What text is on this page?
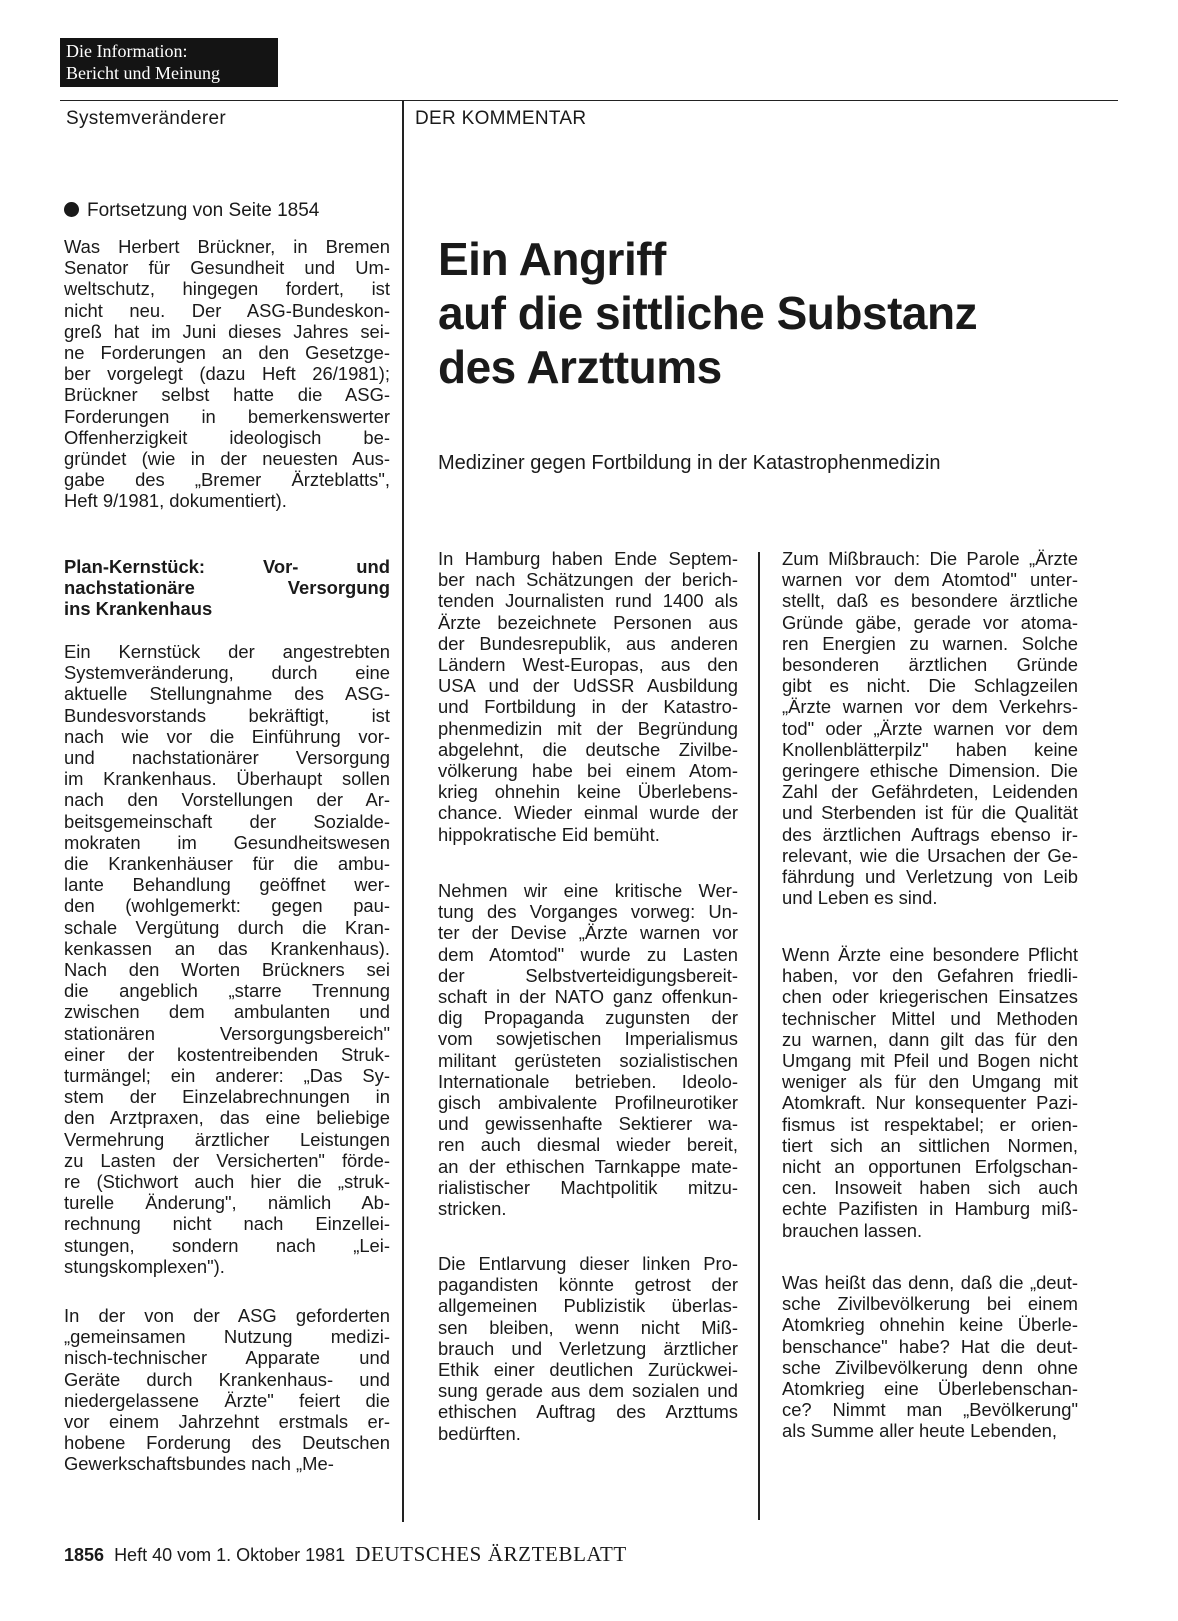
Die Information:
Bericht und Meinung
Systemveränderer	DER KOMMENTAR
Fortsetzung von Seite 1854
Ein Angriff
auf die sittliche Substanz
des Arzttums
Mediziner gegen Fortbildung in der Katastrophenmedizin
Was Herbert Brückner, in Bremen
Senator für Gesundheit und Um-
weltschutz, hingegen fordert, ist
nicht neu. Der ASG-Bundeskon-
greß hat im Juni dieses Jahres sei-
ne Forderungen an den Gesetzge-
ber vorgelegt (dazu Heft 26/1981);
Brückner selbst hatte die ASG-
Forderungen in bemerkenswerter
Offenherzigkeit ideologisch be-
gründet (wie in der neuesten Aus-
gabe des „Bremer Ärzteblatts",
Heft 9/1981, dokumentiert).
Plan-Kernstück: Vor- und
nachstationäre Versorgung
ins Krankenhaus
Ein Kernstück der angestrebten
Systemveränderung, durch eine
aktuelle Stellungnahme des ASG-
Bundesvorstands bekräftigt, ist
nach wie vor die Einführung vor-
und nachstationärer Versorgung
im Krankenhaus. Überhaupt sollen
nach den Vorstellungen der Ar-
beitsgemeinschaft der Sozialde-
mokraten im Gesundheitswesen
die Krankenhäuser für die ambu-
lante Behandlung geöffnet wer-
den (wohlgemerkt: gegen pau-
schale Vergütung durch die Kran-
kenkassen an das Krankenhaus).
Nach den Worten Brückners sei
die angeblich „starre Trennung
zwischen dem ambulanten und
stationären Versorgungsbereich"
einer der kostentreibenden Struk-
turmängel; ein anderer: „Das Sy-
stem der Einzelabrechnungen in
den Arztpraxen, das eine beliebige
Vermehrung ärztlicher Leistungen
zu Lasten der Versicherten" förde-
re (Stichwort auch hier die „struk-
turelle Änderung", nämlich Ab-
rechnung nicht nach Einzellei-
stungen, sondern nach „Lei-
stungskomplexen").
In der von der ASG geforderten
„gemeinsamen Nutzung medizi-
nisch-technischer Apparate und
Geräte durch Krankenhaus- und
niedergelassene Ärzte" feiert die
vor einem Jahrzehnt erstmals er-
hobene Forderung des Deutschen
Gewerkschaftsbundes nach „Me-
In Hamburg haben Ende Septem-
ber nach Schätzungen der berich-
tenden Journalisten rund 1400 als
Ärzte bezeichnete Personen aus
der Bundesrepublik, aus anderen
Ländern West-Europas, aus den
USA und der UdSSR Ausbildung
und Fortbildung in der Katastro-
phenmedizin mit der Begründung
abgelehnt, die deutsche Zivilbe-
völkerung habe bei einem Atom-
krieg ohnehin keine Überlebens-
chance. Wieder einmal wurde der
hippokratische Eid bemüht.
Nehmen wir eine kritische Wer-
tung des Vorganges vorweg: Un-
ter der Devise „Ärzte warnen vor
dem Atomtod" wurde zu Lasten
der Selbstverteidigungsbereit-
schaft in der NATO ganz offenkun-
dig Propaganda zugunsten der
vom sowjetischen Imperialismus
militant gerüsteten sozialistischen
Internationale betrieben. Ideolo-
gisch ambivalente Profilneurotiker
und gewissenhafte Sektierer wa-
ren auch diesmal wieder bereit,
an der ethischen Tarnkappe mate-
rialistischer Machtpolitik mitzu-
stricken.
Die Entlarvung dieser linken Pro-
pagandisten könnte getrost der
allgemeinen Publizistik überlas-
sen bleiben, wenn nicht Miß-
brauch und Verletzung ärztlicher
Ethik einer deutlichen Zurückwei-
sung gerade aus dem sozialen und
ethischen Auftrag des Arzttums
bedürften.
Zum Mißbrauch: Die Parole „Ärzte
warnen vor dem Atomtod" unter-
stellt, daß es besondere ärztliche
Gründe gäbe, gerade vor atoma-
ren Energien zu warnen. Solche
besonderen ärztlichen Gründe
gibt es nicht. Die Schlagzeilen
„Ärzte warnen vor dem Verkehrs-
tod" oder „Ärzte warnen vor dem
Knollenblätterpilz" haben keine
geringere ethische Dimension. Die
Zahl der Gefährdeten, Leidenden
und Sterbenden ist für die Qualität
des ärztlichen Auftrags ebenso ir-
relevant, wie die Ursachen der Ge-
fährdung und Verletzung von Leib
und Leben es sind.
Wenn Ärzte eine besondere Pflicht
haben, vor den Gefahren friedli-
chen oder kriegerischen Einsatzes
technischer Mittel und Methoden
zu warnen, dann gilt das für den
Umgang mit Pfeil und Bogen nicht
weniger als für den Umgang mit
Atomkraft. Nur konsequenter Pazi-
fismus ist respektabel; er orien-
tiert sich an sittlichen Normen,
nicht an opportunen Erfolgschan-
cen. Insoweit haben sich auch
echte Pazifisten in Hamburg miß-
brauchen lassen.
Was heißt das denn, daß die „deut-
sche Zivilbevölkerung bei einem
Atomkrieg ohnehin keine Überle-
benschance" habe? Hat die deut-
sche Zivilbevölkerung denn ohne
Atomkrieg eine Überlebenschan-
ce? Nimmt man „Bevölkerung"
als Summe aller heute Lebenden,
1856 Heft 40 vom 1. Oktober 1981 DEUTSCHES ÄRZTEBLATT
